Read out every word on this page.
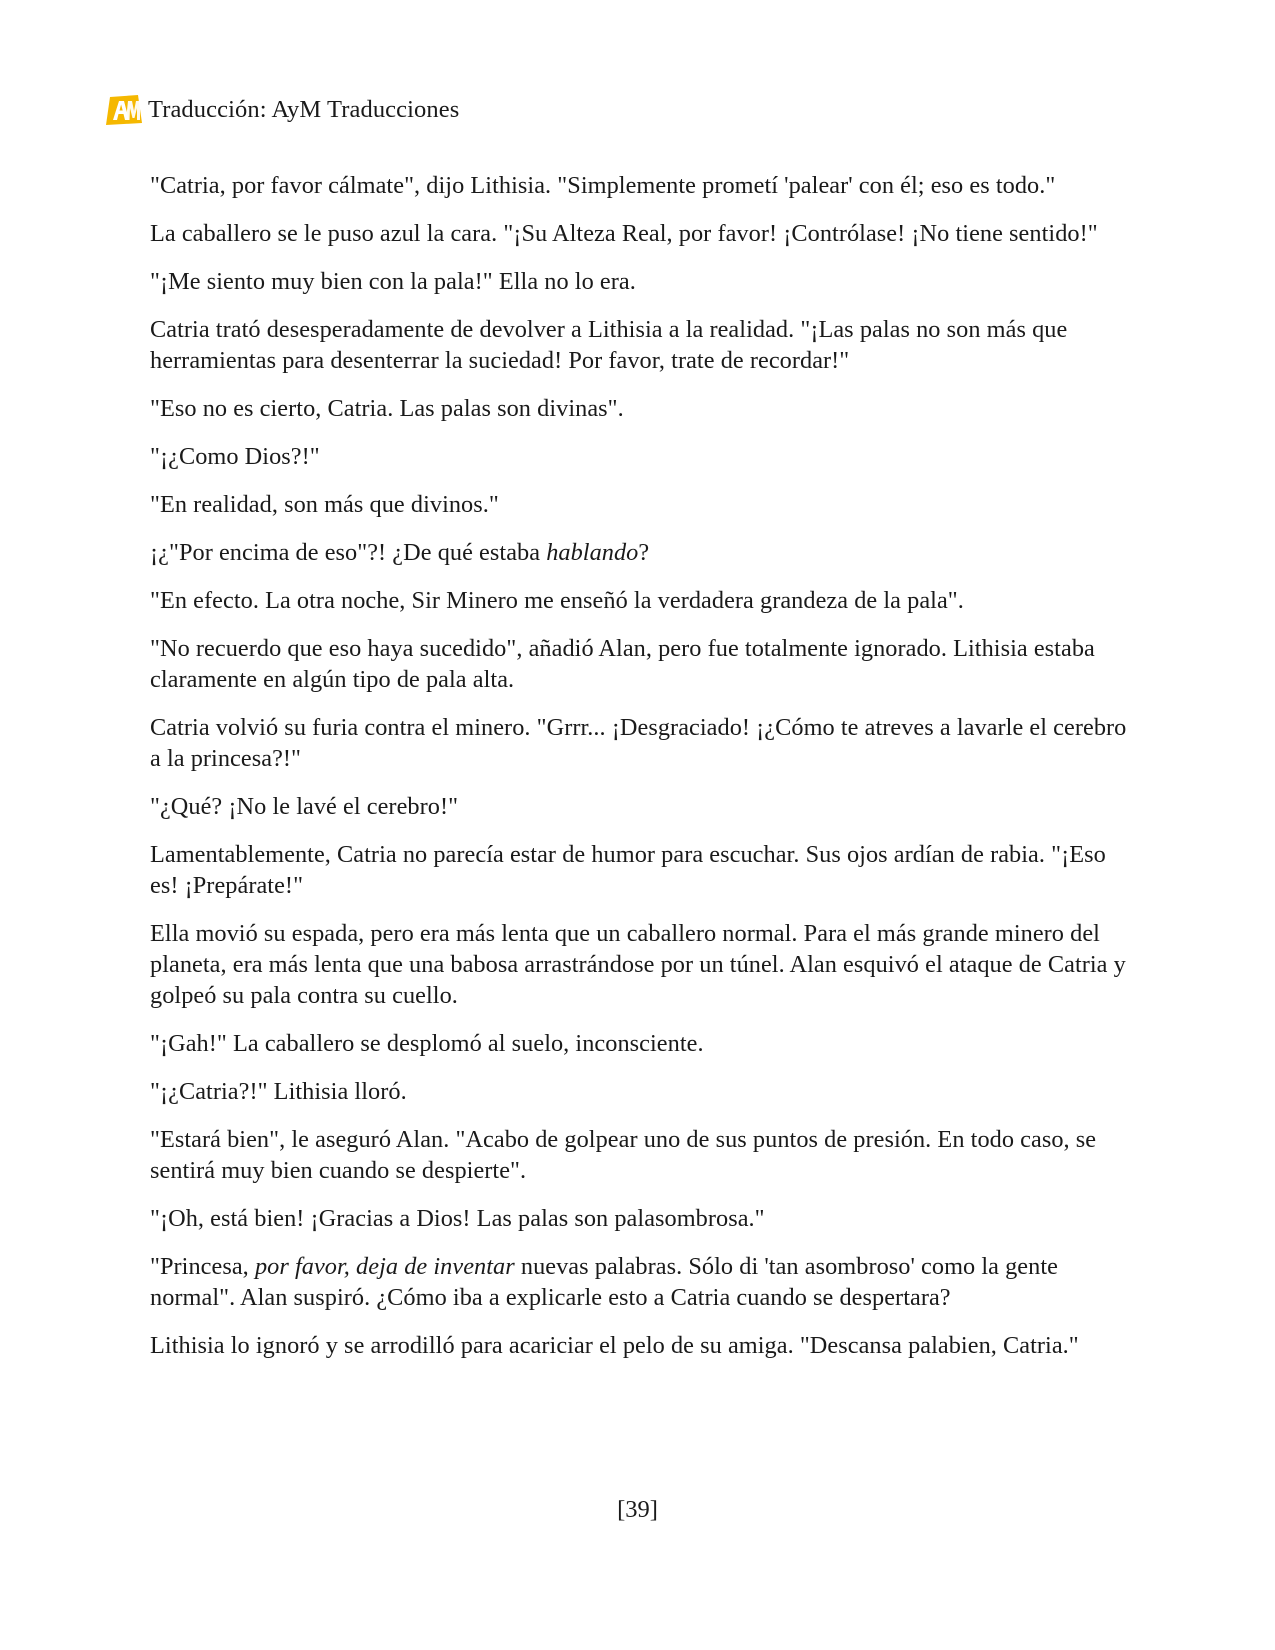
Traducción: AyM Traducciones

"Catria, por favor cálmate", dijo Lithisia. "Simplemente prometí 'palear' con él; eso es todo."

La caballero se le puso azul la cara. "¡Su Alteza Real, por favor! ¡Contrólase! ¡No tiene sentido!"

"¡Me siento muy bien con la pala!" Ella no lo era.

Catria trató desesperadamente de devolver a Lithisia a la realidad. "¡Las palas no son más que herramientas para desenterrar la suciedad! Por favor, trate de recordar!"

"Eso no es cierto, Catria. Las palas son divinas".

"¡¿Como Dios?!"

"En realidad, son más que divinos."

¡¿"Por encima de eso"?! ¿De qué estaba hablando?

"En efecto. La otra noche, Sir Minero me enseñó la verdadera grandeza de la pala".

"No recuerdo que eso haya sucedido", añadió Alan, pero fue totalmente ignorado. Lithisia estaba claramente en algún tipo de pala alta.

Catria volvió su furia contra el minero. "Grrr... ¡Desgraciado! ¡¿Cómo te atreves a lavarle el cerebro a la princesa?!"

"¿Qué? ¡No le lavé el cerebro!"

Lamentablemente, Catria no parecía estar de humor para escuchar. Sus ojos ardían de rabia. "¡Eso es! ¡Prepárate!"

Ella movió su espada, pero era más lenta que un caballero normal. Para el más grande minero del planeta, era más lenta que una babosa arrastrándose por un túnel. Alan esquivó el ataque de Catria y golpeó su pala contra su cuello.

"¡Gah!" La caballero se desplomó al suelo, inconsciente.

"¡¿Catria?!" Lithisia lloró.

"Estará bien", le aseguró Alan. "Acabo de golpear uno de sus puntos de presión. En todo caso, se sentirá muy bien cuando se despierte".

"¡Oh, está bien! ¡Gracias a Dios! Las palas son palasombrosa."

"Princesa, por favor, deja de inventar nuevas palabras. Sólo di 'tan asombroso' como la gente normal". Alan suspiró. ¿Cómo iba a explicarle esto a Catria cuando se despertara?

Lithisia lo ignoró y se arrodilló para acariciar el pelo de su amiga. "Descansa palabien, Catria."

[39]
